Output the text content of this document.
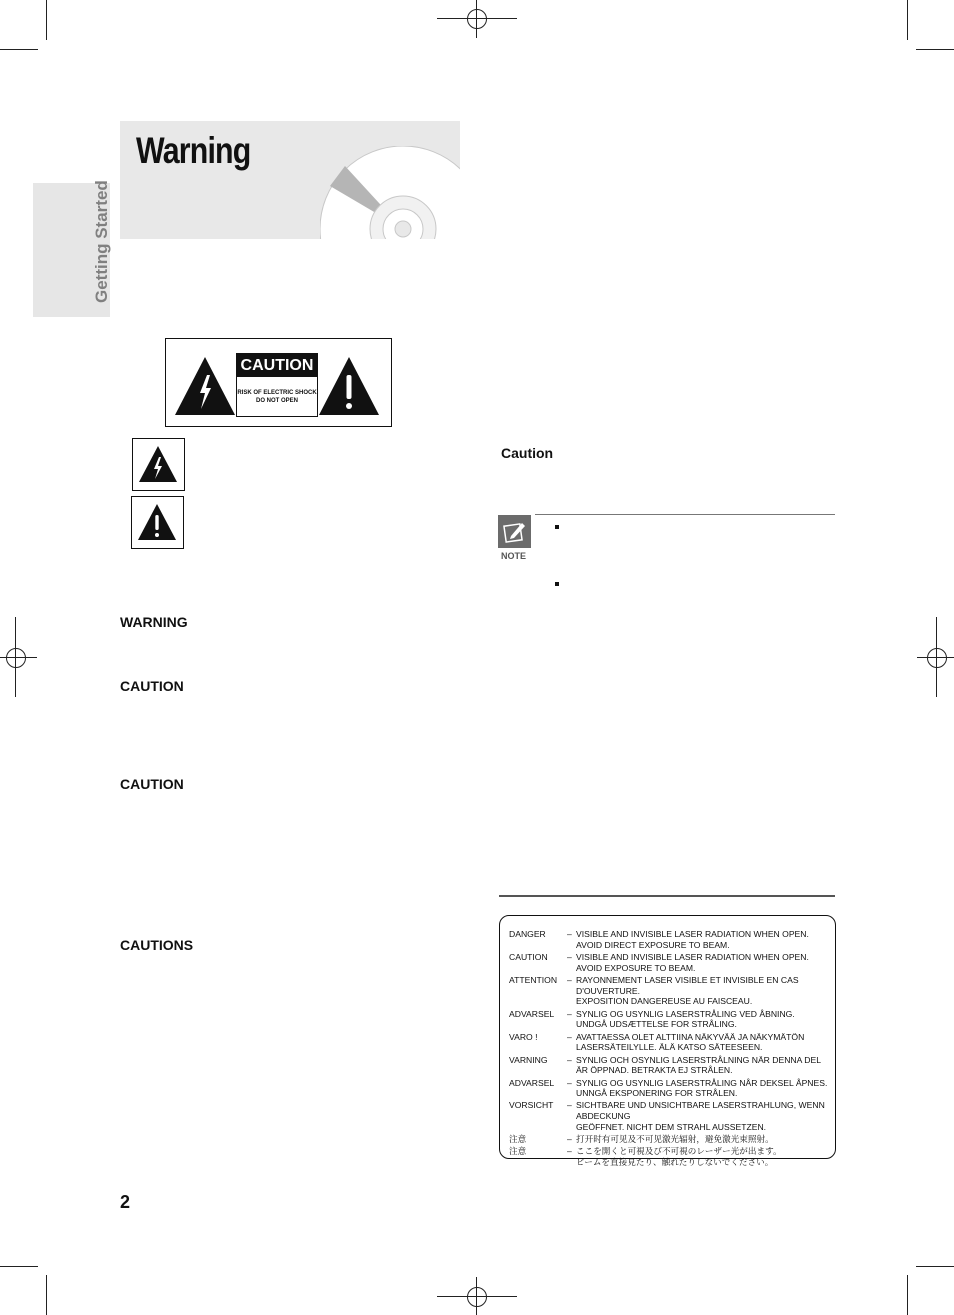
Warning
Getting Started
CAUTION
RISK OF ELECTRIC SHOCK
DO NOT OPEN
WARNING
CAUTION
CAUTION
CAUTIONS
Caution
NOTE
DANGER	– VISIBLE AND INVISIBLE LASER RADIATION WHEN OPEN.
AVOID DIRECT EXPOSURE TO BEAM.
CAUTION	– VISIBLE AND INVISIBLE LASER RADIATION WHEN OPEN.
AVOID EXPOSURE TO BEAM.
ATTENTION	– RAYONNEMENT LASER VISIBLE ET INVISIBLE EN CAS D'OUVERTURE.
EXPOSITION DANGEREUSE AU FAISCEAU.
ADVARSEL	– SYNLIG OG USYNLIG LASERSTRÅLING VED ÅBNING.
UNDGÅ UDSÆTTELSE FOR STRÅLING.
VARO !	– AVATTAESSA OLET ALTTIINA NÄKYVÄÄ JA NÄKYMÄTÖN
LASERSÄTEILYLLE. ÄLÄ KATSO SÄTEESEEN.
VARNING	– SYNLIG OCH OSYNLIG LASERSTRÅLNING NÄR DENNA DEL
ÄR ÖPPNAD. BETRAKTA EJ STRÅLEN.
ADVARSEL	– SYNLIG OG USYNLIG LASERSTRÅLING NÅR DEKSEL ÅPNES.
UNNGÅ EKSPONERING FOR STRÅLEN.
VORSICHT	– SICHTBARE UND UNSICHTBARE LASERSTRAHLUNG, WENN ABDECKUNG
GEÖFFNET. NICHT DEM STRAHL AUSSETZEN.
注意	– 打开时有可见及不可见激光辐射，避免激光束照射。
注意	– ここを開くと可視及び不可視のレーザー光が出ます。
ビームを直接見たり、触れたりしないでください。
2
